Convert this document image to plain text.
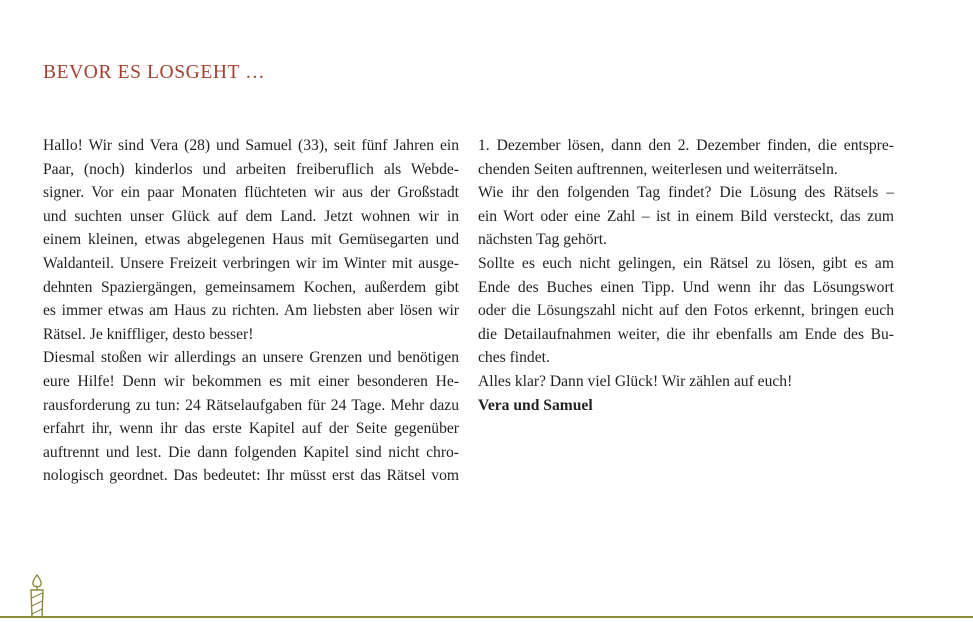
BEVOR ES LOSGEHT …

Hallo! Wir sind Vera (28) und Samuel (33), seit fünf Jahren ein
Paar, (noch) kinderlos und arbeiten freiberuflich als Webde-
signer. Vor ein paar Monaten flüchteten wir aus der Großstadt
und suchten unser Glück auf dem Land. Jetzt wohnen wir in
einem kleinen, etwas abgelegenen Haus mit Gemüsegarten und
Waldanteil. Unsere Freizeit verbringen wir im Winter mit ausge-
dehnten Spaziergängen, gemeinsamem Kochen, außerdem gibt
es immer etwas am Haus zu richten. Am liebsten aber lösen wir
Rätsel. Je kniffliger, desto besser!

Diesmal stoßen wir allerdings an unsere Grenzen und benötigen
eure Hilfe! Denn wir bekommen es mit einer besonderen He-
rausforderung zu tun: 24 Rätselaufgaben für 24 Tage. Mehr dazu
erfahrt ihr, wenn ihr das erste Kapitel auf der Seite gegenüber
auftrennt und lest. Die dann folgenden Kapitel sind nicht chro-
nologisch geordnet. Das bedeutet: Ihr müsst erst das Rätsel vom

1. Dezember lösen, dann den 2. Dezember finden, die entspre-
chenden Seiten auftrennen, weiterlesen und weiterrätseln.

Wie ihr den folgenden Tag findet? Die Lösung des Rätsels –
ein Wort oder eine Zahl – ist in einem Bild versteckt, das zum
nächsten Tag gehört.

Sollte es euch nicht gelingen, ein Rätsel zu lösen, gibt es am
Ende des Buches einen Tipp. Und wenn ihr das Lösungswort
oder die Lösungszahl nicht auf den Fotos erkennt, bringen euch
die Detailaufnahmen weiter, die ihr ebenfalls am Ende des Bu-
ches findet.

Alles klar? Dann viel Glück! Wir zählen auf euch!

Vera und Samuel
